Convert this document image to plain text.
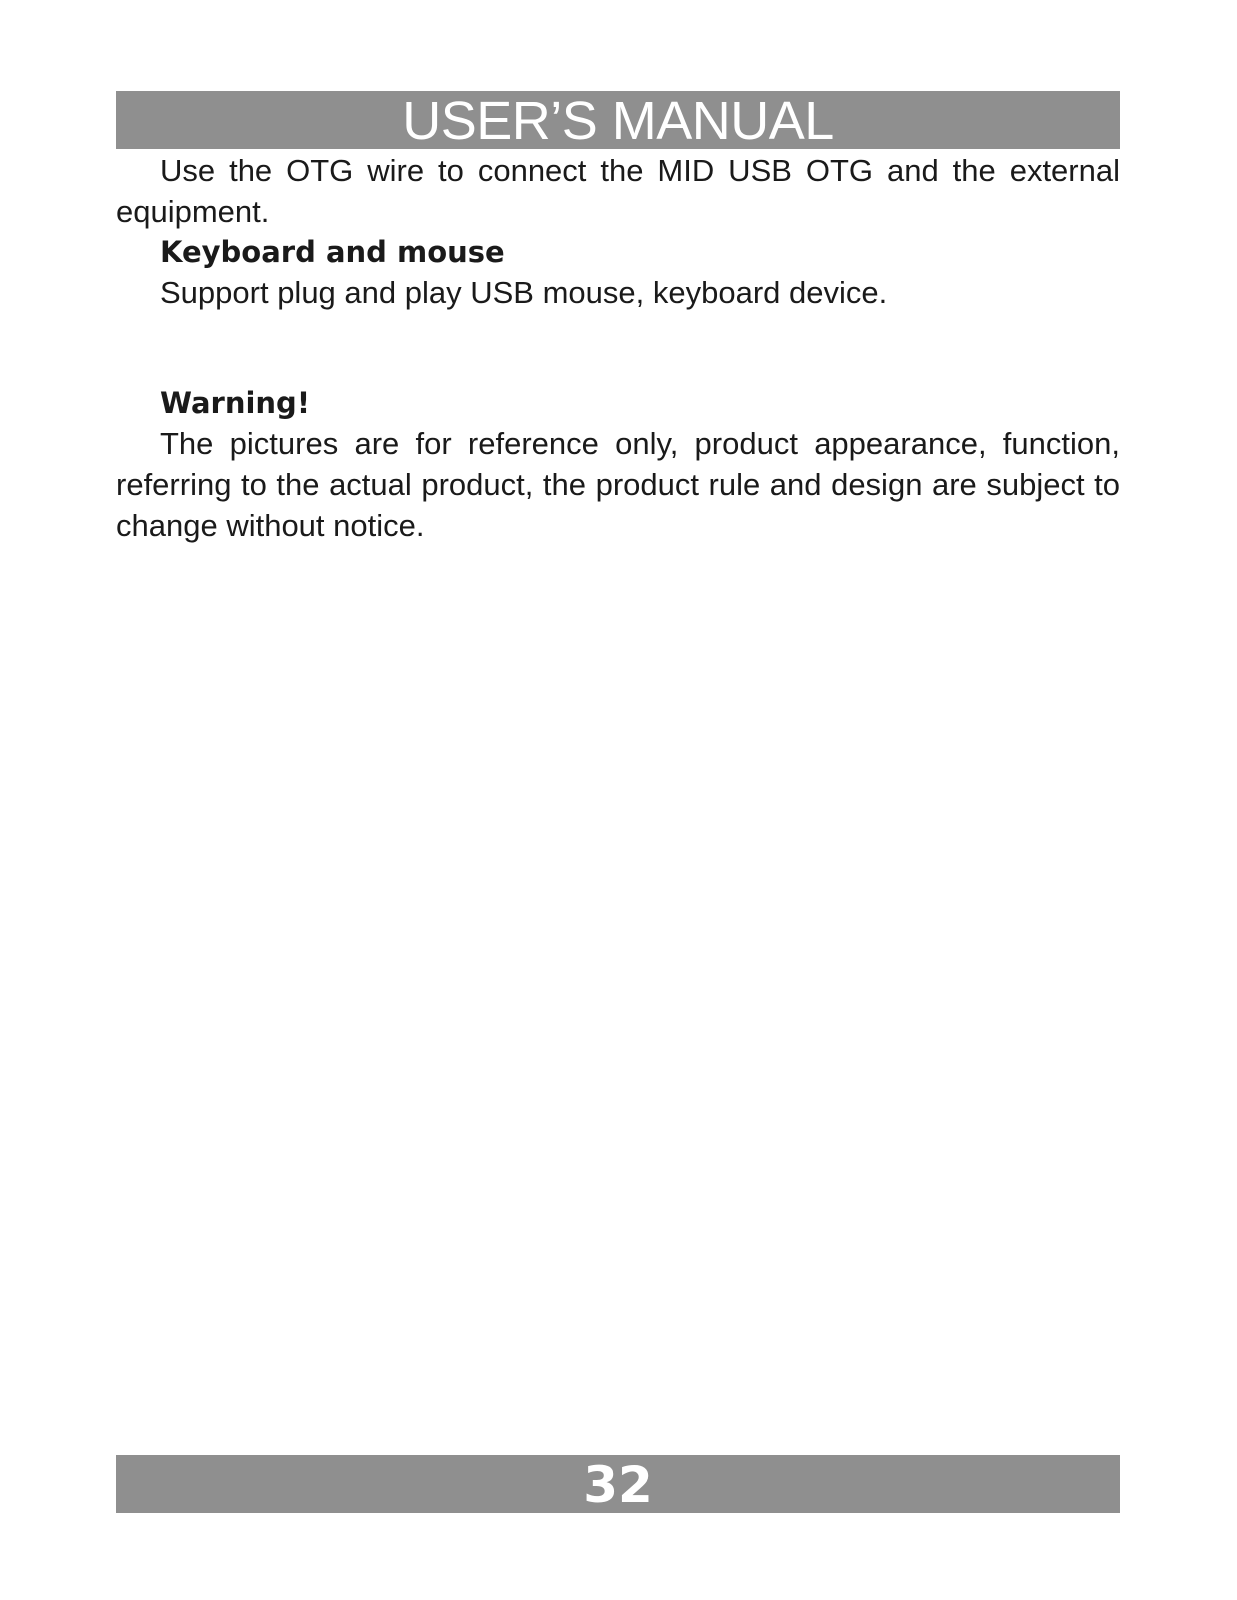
USER’S MANUAL

Use the OTG wire to connect the MID USB OTG and the external equipment.

Keyboard and mouse

Support plug and play USB mouse, keyboard device.

Warning!

The pictures are for reference only, product appearance, function, referring to the actual product, the product rule and design are subject to change without notice.

32
